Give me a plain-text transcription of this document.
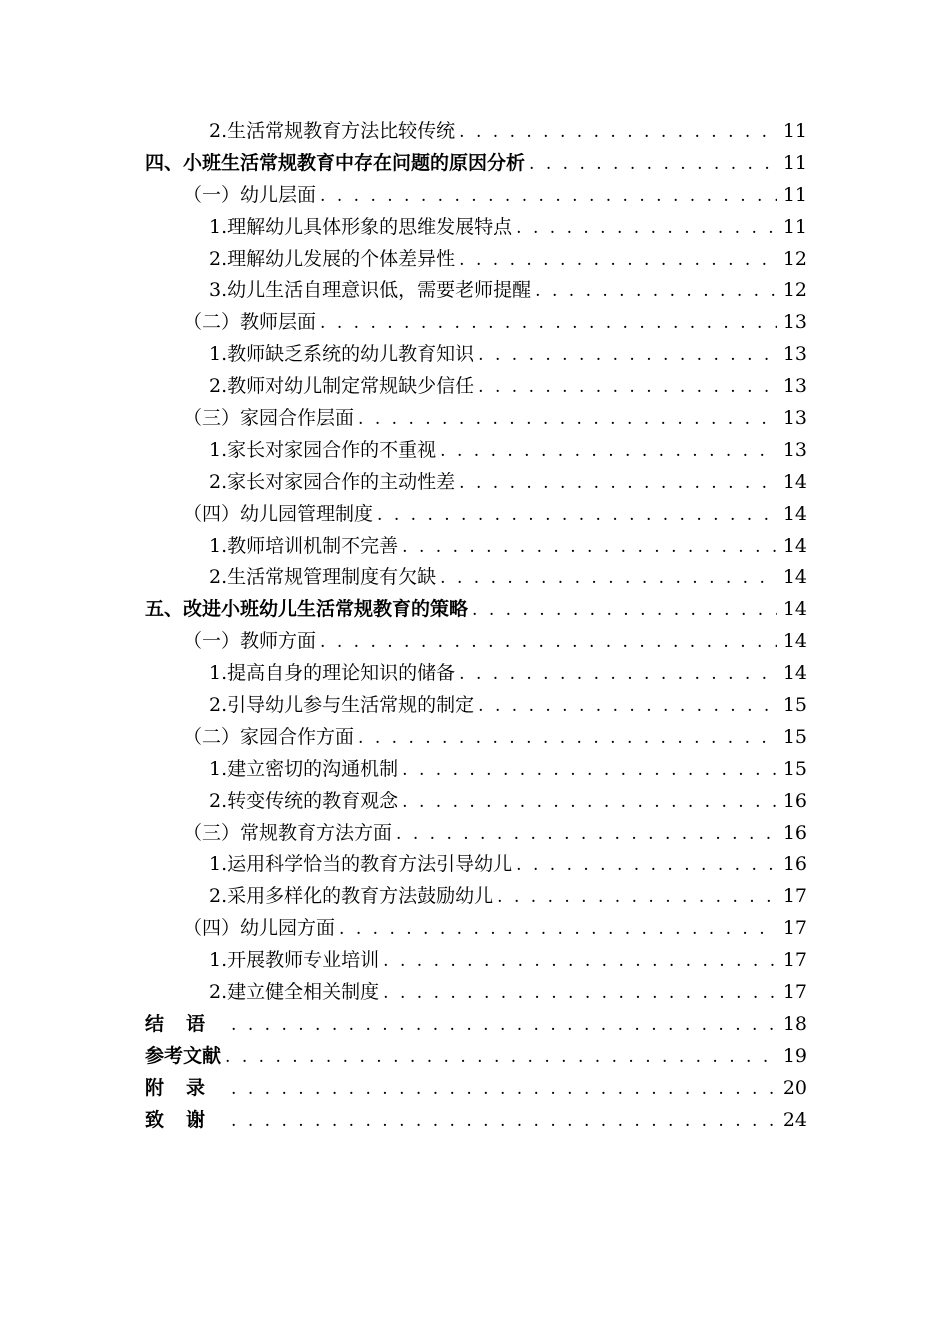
2.生活常规教育方法比较传统 . . .	11
四、小班生活常规教育中存在问题的原因分析 . . .	11
（一）幼儿层面 . . .	11
1.理解幼儿具体形象的思维发展特点 . . .	11
2.理解幼儿发展的个体差异性 . . .	12
3.幼儿生活自理意识低，需要老师提醒 . . .	12
（二）教师层面 . . .	13
1.教师缺乏系统的幼儿教育知识 . . .	13
2.教师对幼儿制定常规缺少信任 . . .	13
（三）家园合作层面 . . .	13
1.家长对家园合作的不重视 . . .	13
2.家长对家园合作的主动性差 . . .	14
（四）幼儿园管理制度 . . .	14
1.教师培训机制不完善 . . .	14
2.生活常规管理制度有欠缺 . . .	14
五、改进小班幼儿生活常规教育的策略 . . .	14
（一）教师方面 . . .	14
1.提高自身的理论知识的储备 . . .	14
2.引导幼儿参与生活常规的制定 . . .	15
（二）家园合作方面 . . .	15
1.建立密切的沟通机制 . . .	15
2.转变传统的教育观念 . . .	16
（三）常规教育方法方面 . . .	16
1.运用科学恰当的教育方法引导幼儿 . . .	16
2.采用多样化的教育方法鼓励幼儿 . . .	17
（四）幼儿园方面 . . .	17
1.开展教师专业培训 . . .	17
2.建立健全相关制度 . . .	17
结语 . . .	18
参考文献 . . .	19
附录 . . .	20
致谢 . . .	24
